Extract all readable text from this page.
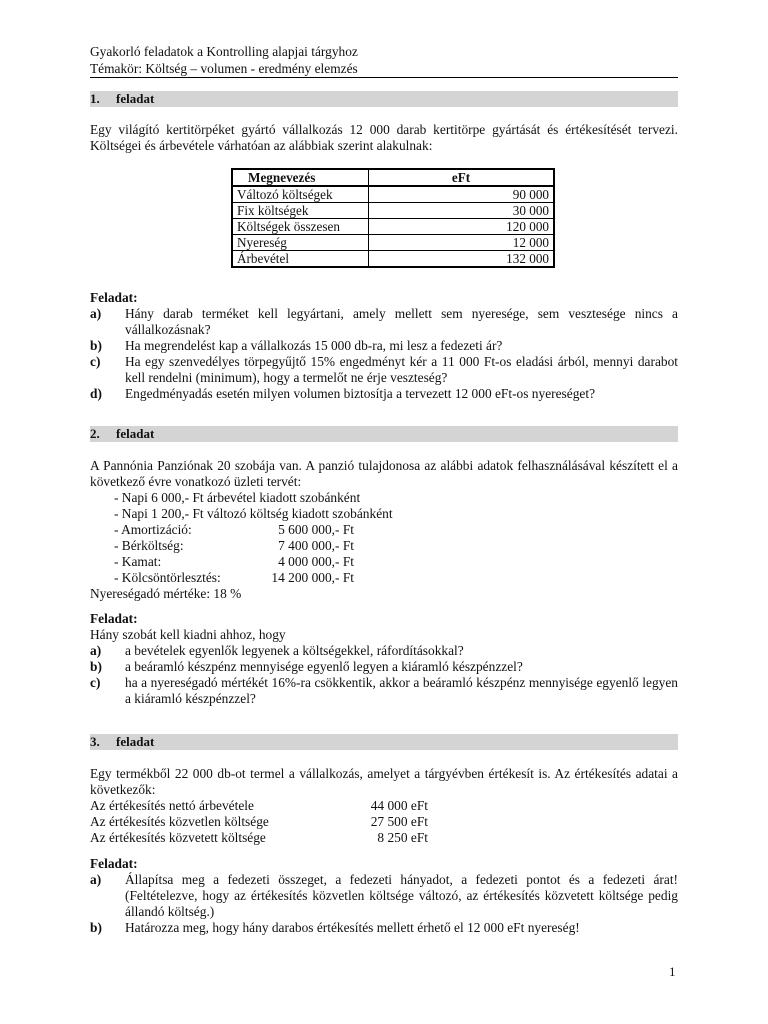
Gyakorló feladatok a Kontrolling alapjai tárgyhoz
Témakör: Költség – volumen - eredmény elemzés
1. feladat
Egy világító kertitörpéket gyártó vállalkozás 12 000 darab kertitörpe gyártását és értékesítését tervezi. Költségei és árbevétele várhatóan az alábbiak szerint alakulnak:
Megnevezés	eFt
Változó költségek	90 000
Fix költségek	30 000
Költségek összesen	120 000
Nyereség	12 000
Árbevétel	132 000
Feladat:
a) Hány darab terméket kell legyártani, amely mellett sem nyeresége, sem vesztesége nincs a vállalkozásnak?
b) Ha megrendelést kap a vállalkozás 15 000 db-ra, mi lesz a fedezeti ár?
c) Ha egy szenvedélyes törpegyűjtő 15% engedményt kér a 11 000 Ft-os eladási árból, mennyi darabot kell rendelni (minimum), hogy a termelőt ne érje veszteség?
d) Engedményadás esetén milyen volumen biztosítja a tervezett 12 000 eFt-os nyereséget?
2. feladat
A Pannónia Panziónak 20 szobája van. A panzió tulajdonosa az alábbi adatok felhasználásával készített el a következő évre vonatkozó üzleti tervét:
- Napi 6 000,- Ft árbevétel kiadott szobánként
- Napi 1 200,- Ft változó költség kiadott szobánként
- Amortizáció:	5 600 000,- Ft
- Bérköltség:	7 400 000,- Ft
- Kamat:	4 000 000,- Ft
- Kölcsöntörlesztés:	14 200 000,- Ft
Nyereségadó mértéke: 18 %
Feladat:
Hány szobát kell kiadni ahhoz, hogy
a) a bevételek egyenlők legyenek a költségekkel, ráfordításokkal?
b) a beáramló készpénz mennyisége egyenlő legyen a kiáramló készpénzzel?
c) ha a nyereségadó mértékét 16%-ra csökkentik, akkor a beáramló készpénz mennyisége egyenlő legyen a kiáramló készpénzzel?
3. feladat
Egy termékből 22 000 db-ot termel a vállalkozás, amelyet a tárgyévben értékesít is. Az értékesítés adatai a következők:
Az értékesítés nettó árbevétele	44 000 eFt
Az értékesítés közvetlen költsége	27 500 eFt
Az értékesítés közvetett költsége	8 250 eFt
Feladat:
a) Állapítsa meg a fedezeti összeget, a fedezeti hányadot, a fedezeti pontot és a fedezeti árat! (Feltételezve, hogy az értékesítés közvetlen költsége változó, az értékesítés közvetett költsége pedig állandó költség.)
b) Határozza meg, hogy hány darabos értékesítés mellett érhető el 12 000 eFt nyereség!
1
